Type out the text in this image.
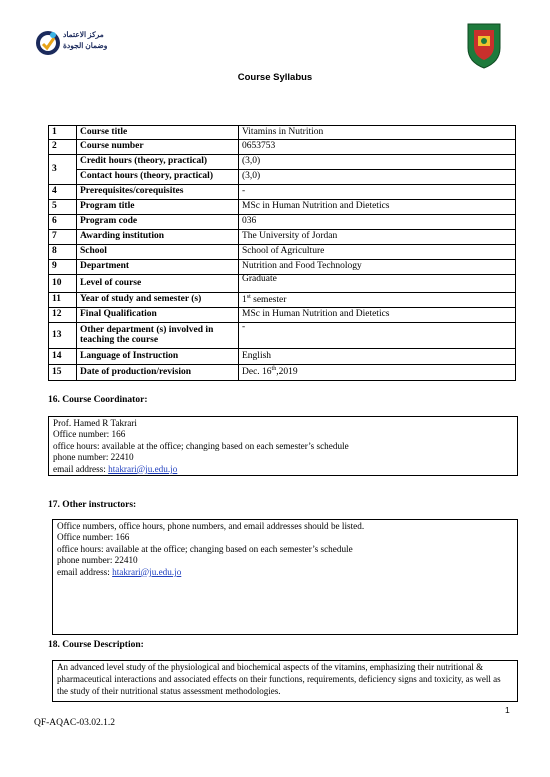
مركز الاعتماد
وضمان الجودة
Course Syllabus
1	Course title	Vitamins in Nutrition
2	Course number	0653753
3	Credit hours (theory, practical)	(3,0)
	Contact hours (theory, practical)	(3,0)
4	Prerequisites/corequisites	-
5	Program title	MSc in Human Nutrition and Dietetics
6	Program code	036
7	Awarding institution	The University of Jordan
8	School	School of Agriculture
9	Department	Nutrition and Food Technology
10	Level of course	Graduate
11	Year of study and semester (s)	1st semester
12	Final Qualification	MSc in Human Nutrition and Dietetics
13	Other department (s) involved in teaching the course	-
14	Language of Instruction	English
15	Date of production/revision	Dec. 16th,2019
16. Course Coordinator:
Prof. Hamed R Takrari
Office number: 166
office hours: available at the office; changing based on each semester’s schedule
phone number: 22410
email address: htakrari@ju.edu.jo
17. Other instructors:
Office numbers, office hours, phone numbers, and email addresses should be listed.
Office number: 166
office hours: available at the office; changing based on each semester’s schedule
phone number: 22410
email address: htakrari@ju.edu.jo
18. Course Description:
An advanced level study of the physiological and biochemical aspects of the vitamins, emphasizing their nutritional & pharmaceutical interactions and associated effects on their functions, requirements, deficiency signs and toxicity, as well as the study of their nutritional status assessment methodologies.
1
QF-AQAC-03.02.1.2
